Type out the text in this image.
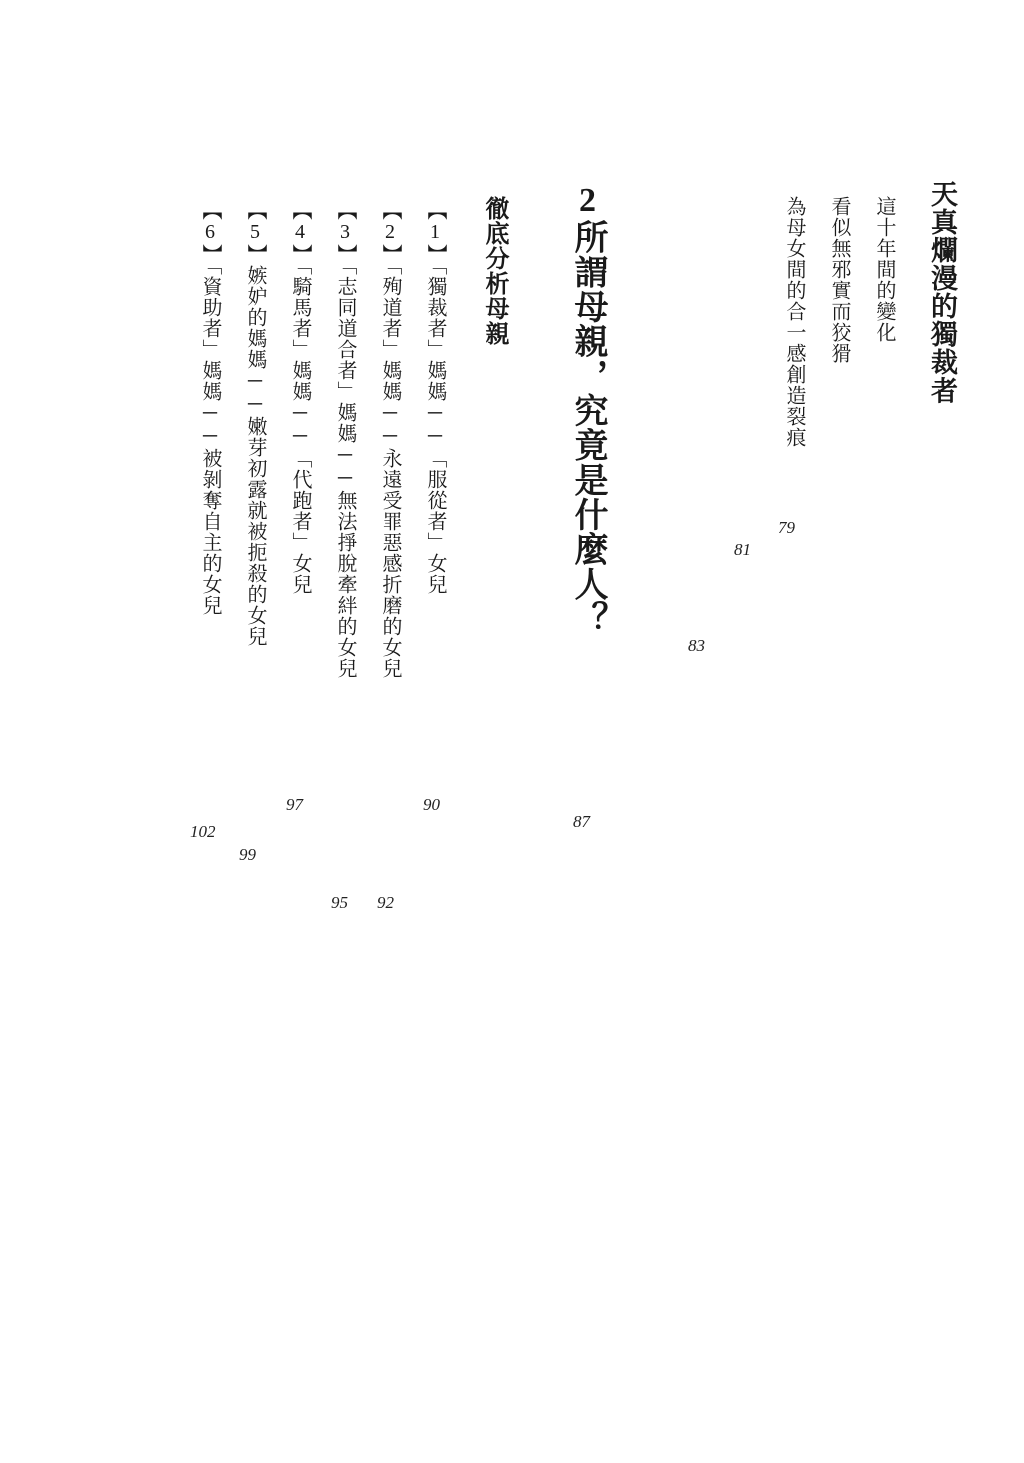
天真爛漫的獨裁者
這十年間的變化
79
看似無邪實而狡猾
81
為母女間的合一感創造裂痕
83
2所謂母親，究竟是什麼人？
87
徹底分析母親
【1】「獨裁者」媽媽──「服從者」女兒
90
【2】「殉道者」媽媽──永遠受罪惡感折磨的女兒
92
【3】「志同道合者」媽媽──無法掙脫牽絆的女兒
95
【4】「騎馬者」媽媽──「代跑者」女兒
97
【5】嫉妒的媽媽──嫩芽初露就被扼殺的女兒
99
【6】「資助者」媽媽──被剝奪自主的女兒
102
